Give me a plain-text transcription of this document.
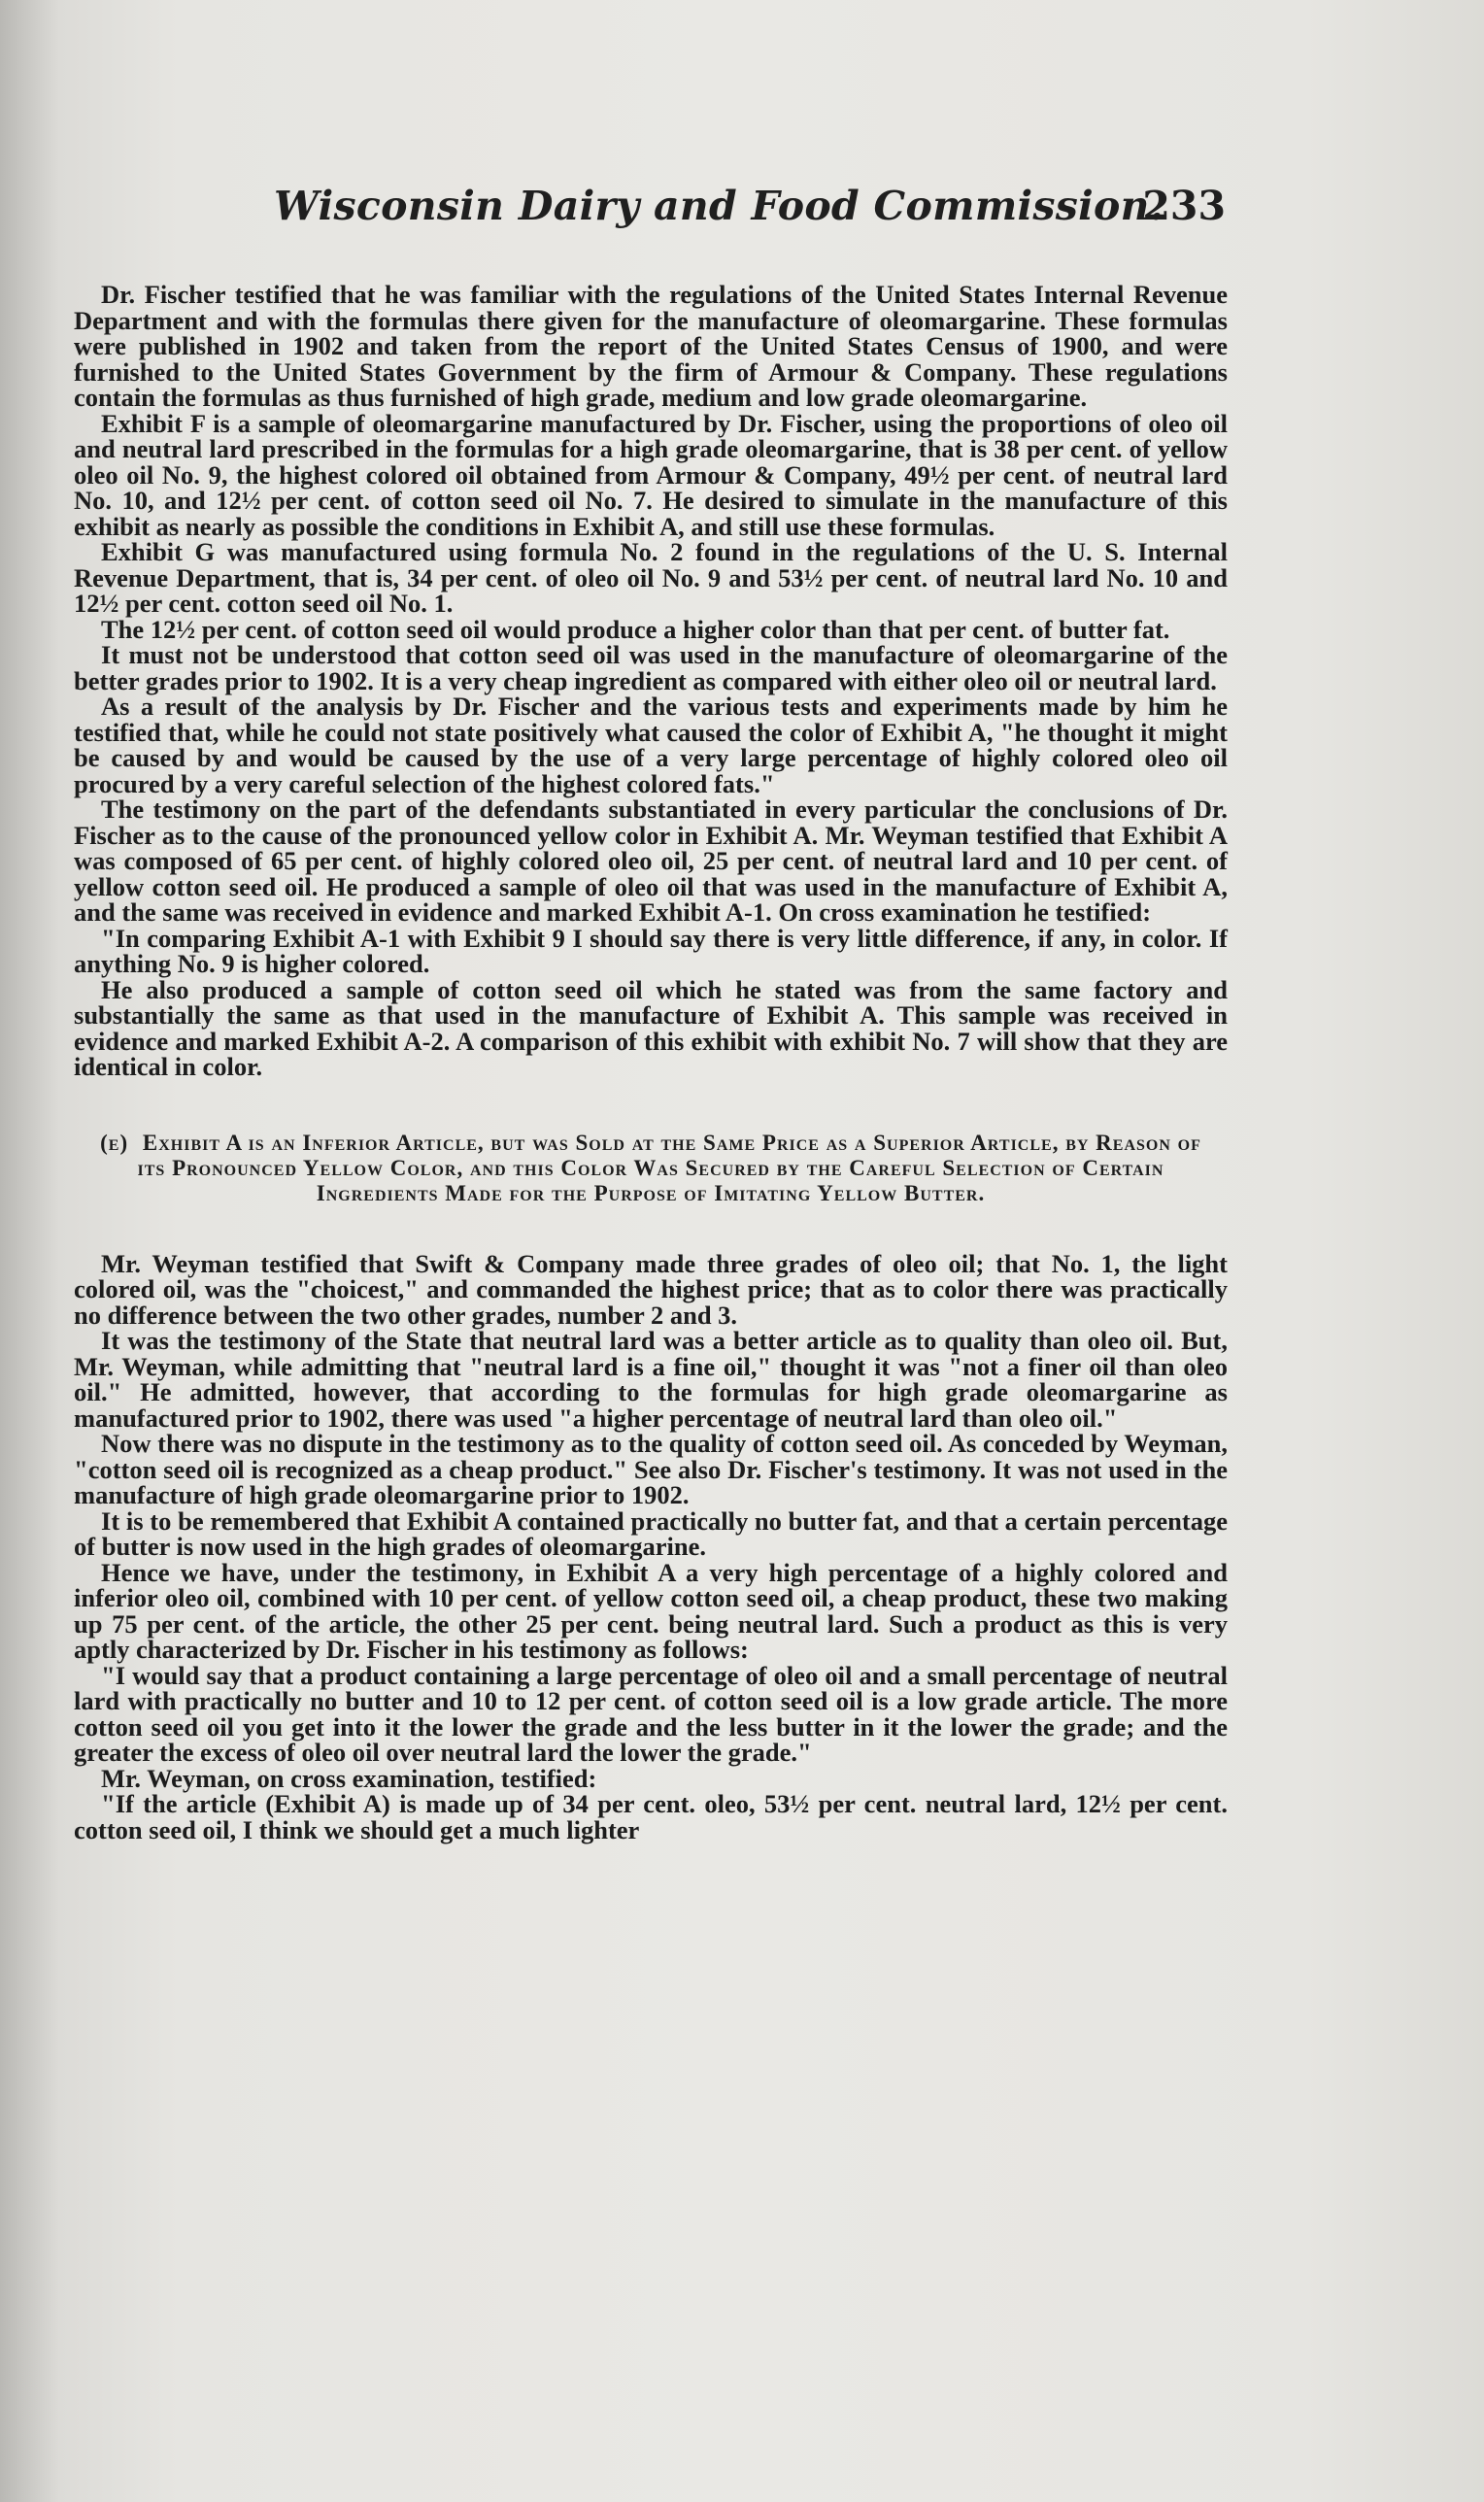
Wisconsin Dairy and Food Commission.
233

Dr. Fischer testified that he was familiar with the regulations of the United States Internal Revenue Department and with the formulas there given for the manufacture of oleomargarine. These formulas were published in 1902 and taken from the report of the United States Census of 1900, and were furnished to the United States Government by the firm of Armour & Company. These regulations contain the formulas as thus furnished of high grade, medium and low grade oleomargarine.

Exhibit F is a sample of oleomargarine manufactured by Dr. Fischer, using the proportions of oleo oil and neutral lard prescribed in the formulas for a high grade oleomargarine, that is 38 per cent. of yellow oleo oil No. 9, the highest colored oil obtained from Armour & Company, 49½ per cent. of neutral lard No. 10, and 12½ per cent. of cotton seed oil No. 7. He desired to simulate in the manufacture of this exhibit as nearly as possible the conditions in Exhibit A, and still use these formulas.

Exhibit G was manufactured using formula No. 2 found in the regulations of the U. S. Internal Revenue Department, that is, 34 per cent. of oleo oil No. 9 and 53½ per cent. of neutral lard No. 10 and 12½ per cent. cotton seed oil No. 1.

The 12½ per cent. of cotton seed oil would produce a higher color than that per cent. of butter fat.

It must not be understood that cotton seed oil was used in the manufacture of oleomargarine of the better grades prior to 1902. It is a very cheap ingredient as compared with either oleo oil or neutral lard.

As a result of the analysis by Dr. Fischer and the various tests and experiments made by him he testified that, while he could not state positively what caused the color of Exhibit A, "he thought it might be caused by and would be caused by the use of a very large percentage of highly colored oleo oil procured by a very careful selection of the highest colored fats."

The testimony on the part of the defendants substantiated in every particular the conclusions of Dr. Fischer as to the cause of the pronounced yellow color in Exhibit A. Mr. Weyman testified that Exhibit A was composed of 65 per cent. of highly colored oleo oil, 25 per cent. of neutral lard and 10 per cent. of yellow cotton seed oil. He produced a sample of oleo oil that was used in the manufacture of Exhibit A, and the same was received in evidence and marked Exhibit A-1. On cross examination he testified:

"In comparing Exhibit A-1 with Exhibit 9 I should say there is very little difference, if any, in color. If anything No. 9 is higher colored.

He also produced a sample of cotton seed oil which he stated was from the same factory and substantially the same as that used in the manufacture of Exhibit A. This sample was received in evidence and marked Exhibit A-2. A comparison of this exhibit with exhibit No. 7 will show that they are identical in color.

(e) Exhibit A is an Inferior Article, but was Sold at the Same Price as a Superior Article, by Reason of its Pronounced Yellow Color, and this Color Was Secured by the Careful Selection of Certain Ingredients Made for the Purpose of Imitating Yellow Butter.

Mr. Weyman testified that Swift & Company made three grades of oleo oil; that No. 1, the light colored oil, was the "choicest," and commanded the highest price; that as to color there was practically no difference between the two other grades, number 2 and 3.

It was the testimony of the State that neutral lard was a better article as to quality than oleo oil. But, Mr. Weyman, while admitting that "neutral lard is a fine oil," thought it was "not a finer oil than oleo oil." He admitted, however, that according to the formulas for high grade oleomargarine as manufactured prior to 1902, there was used "a higher percentage of neutral lard than oleo oil."

Now there was no dispute in the testimony as to the quality of cotton seed oil. As conceded by Weyman, "cotton seed oil is recognized as a cheap product." See also Dr. Fischer's testimony. It was not used in the manufacture of high grade oleomargarine prior to 1902.

It is to be remembered that Exhibit A contained practically no butter fat, and that a certain percentage of butter is now used in the high grades of oleomargarine.

Hence we have, under the testimony, in Exhibit A a very high percentage of a highly colored and inferior oleo oil, combined with 10 per cent. of yellow cotton seed oil, a cheap product, these two making up 75 per cent. of the article, the other 25 per cent. being neutral lard. Such a product as this is very aptly characterized by Dr. Fischer in his testimony as follows:

"I would say that a product containing a large percentage of oleo oil and a small percentage of neutral lard with practically no butter and 10 to 12 per cent. of cotton seed oil is a low grade article. The more cotton seed oil you get into it the lower the grade and the less butter in it the lower the grade; and the greater the excess of oleo oil over neutral lard the lower the grade."

Mr. Weyman, on cross examination, testified:

"If the article (Exhibit A) is made up of 34 per cent. oleo, 53½ per cent. neutral lard, 12½ per cent. cotton seed oil, I think we should get a much lighter
